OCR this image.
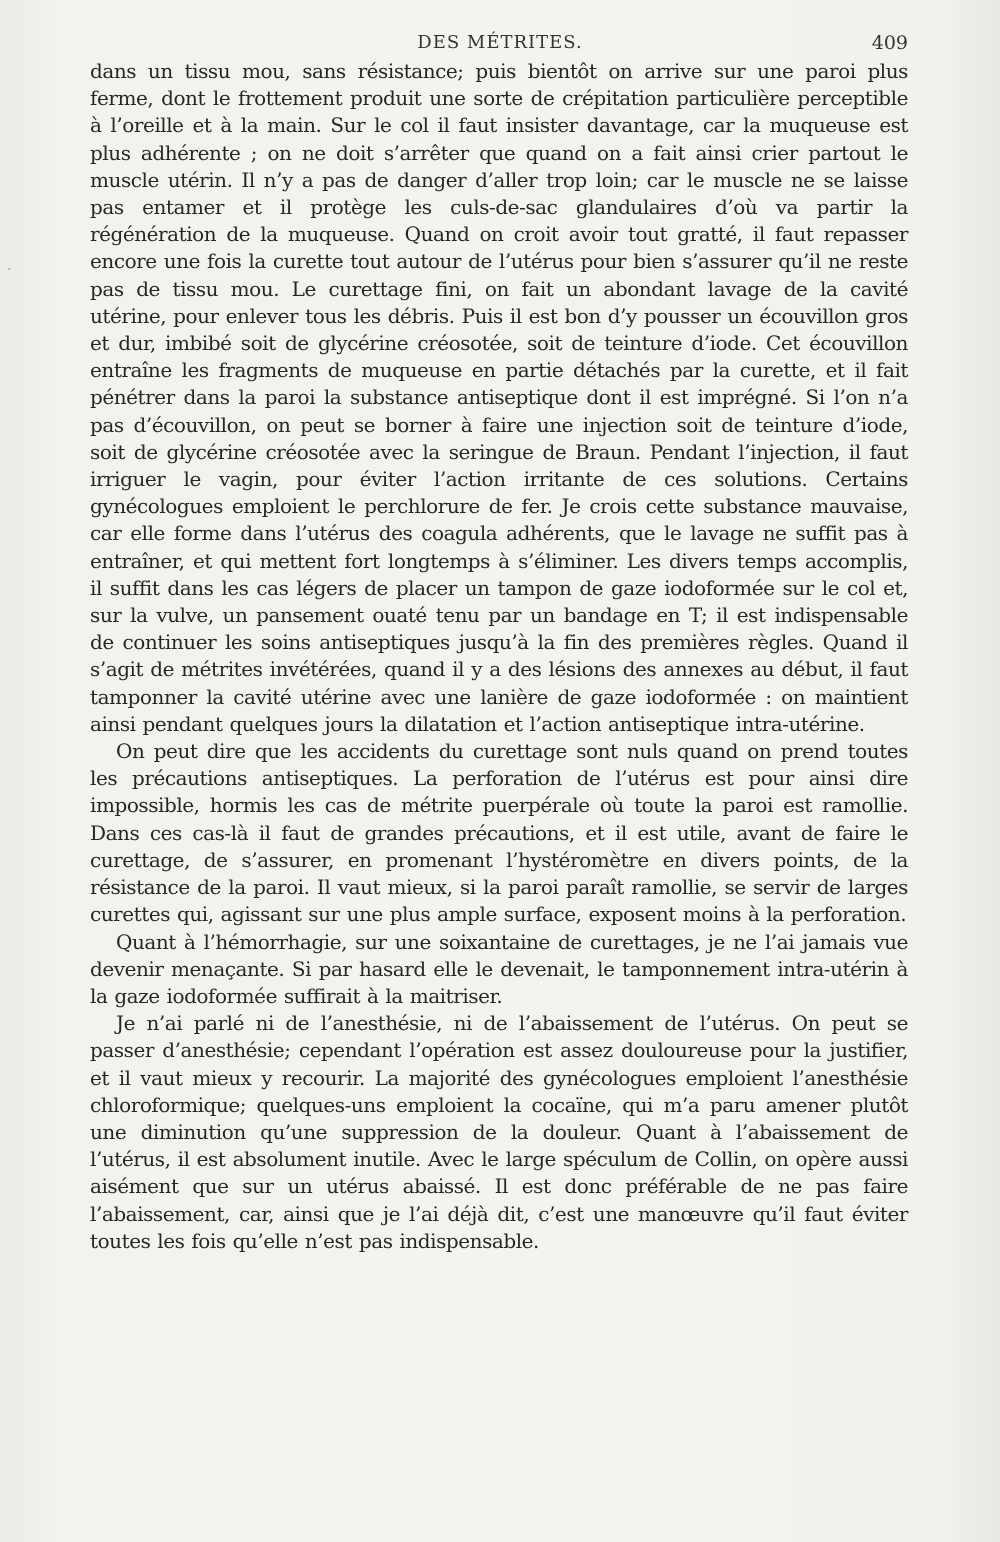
DES MÉTRITES.	409

dans un tissu mou, sans résistance; puis bientôt on arrive sur une paroi plus ferme, dont le frottement produit une sorte de crépitation particulière perceptible à l’oreille et à la main. Sur le col il faut insister davantage, car la muqueuse est plus adhérente ; on ne doit s’arrêter que quand on a fait ainsi crier partout le muscle utérin. Il n’y a pas de danger d’aller trop loin; car le muscle ne se laisse pas entamer et il protège les culs-de-sac glandulaires d’où va partir la régénération de la muqueuse. Quand on croit avoir tout gratté, il faut repasser encore une fois la curette tout autour de l’utérus pour bien s’assurer qu’il ne reste pas de tissu mou. Le curettage fini, on fait un abondant lavage de la cavité utérine, pour enlever tous les débris. Puis il est bon d’y pousser un écouvillon gros et dur, imbibé soit de glycérine créosotée, soit de teinture d’iode. Cet écouvillon entraîne les fragments de muqueuse en partie détachés par la curette, et il fait pénétrer dans la paroi la substance antiseptique dont il est imprégné. Si l’on n’a pas d’écouvillon, on peut se borner à faire une injection soit de teinture d’iode, soit de glycérine créosotée avec la seringue de Braun. Pendant l’injection, il faut irriguer le vagin, pour éviter l’action irritante de ces solutions. Certains gynécologues emploient le perchlorure de fer. Je crois cette substance mauvaise, car elle forme dans l’utérus des coagula adhérents, que le lavage ne suffit pas à entraîner, et qui mettent fort longtemps à s’éliminer. Les divers temps accomplis, il suffit dans les cas légers de placer un tampon de gaze iodoformée sur le col et, sur la vulve, un pansement ouaté tenu par un bandage en T; il est indispensable de continuer les soins antiseptiques jusqu’à la fin des premières règles. Quand il s’agit de métrites invétérées, quand il y a des lésions des annexes au début, il faut tamponner la cavité utérine avec une lanière de gaze iodoformée : on maintient ainsi pendant quelques jours la dilatation et l’action antiseptique intra-utérine.

On peut dire que les accidents du curettage sont nuls quand on prend toutes les précautions antiseptiques. La perforation de l’utérus est pour ainsi dire impossible, hormis les cas de métrite puerpérale où toute la paroi est ramollie. Dans ces cas-là il faut de grandes précautions, et il est utile, avant de faire le curettage, de s’assurer, en promenant l’hystéromètre en divers points, de la résistance de la paroi. Il vaut mieux, si la paroi paraît ramollie, se servir de larges curettes qui, agissant sur une plus ample surface, exposent moins à la perforation.

Quant à l’hémorrhagie, sur une soixantaine de curettages, je ne l’ai jamais vue devenir menaçante. Si par hasard elle le devenait, le tamponnement intra-utérin à la gaze iodoformée suffirait à la maitriser.

Je n’ai parlé ni de l’anesthésie, ni de l’abaissement de l’utérus. On peut se passer d’anesthésie; cependant l’opération est assez douloureuse pour la justifier, et il vaut mieux y recourir. La majorité des gynécologues emploient l’anesthésie chloroformique; quelques-uns emploient la cocaïne, qui m’a paru amener plutôt une diminution qu’une suppression de la douleur. Quant à l’abaissement de l’utérus, il est absolument inutile. Avec le large spéculum de Collin, on opère aussi aisément que sur un utérus abaissé. Il est donc préférable de ne pas faire l’abaissement, car, ainsi que je l’ai déjà dit, c’est une manœuvre qu’il faut éviter toutes les fois qu’elle n’est pas indispensable.

·
